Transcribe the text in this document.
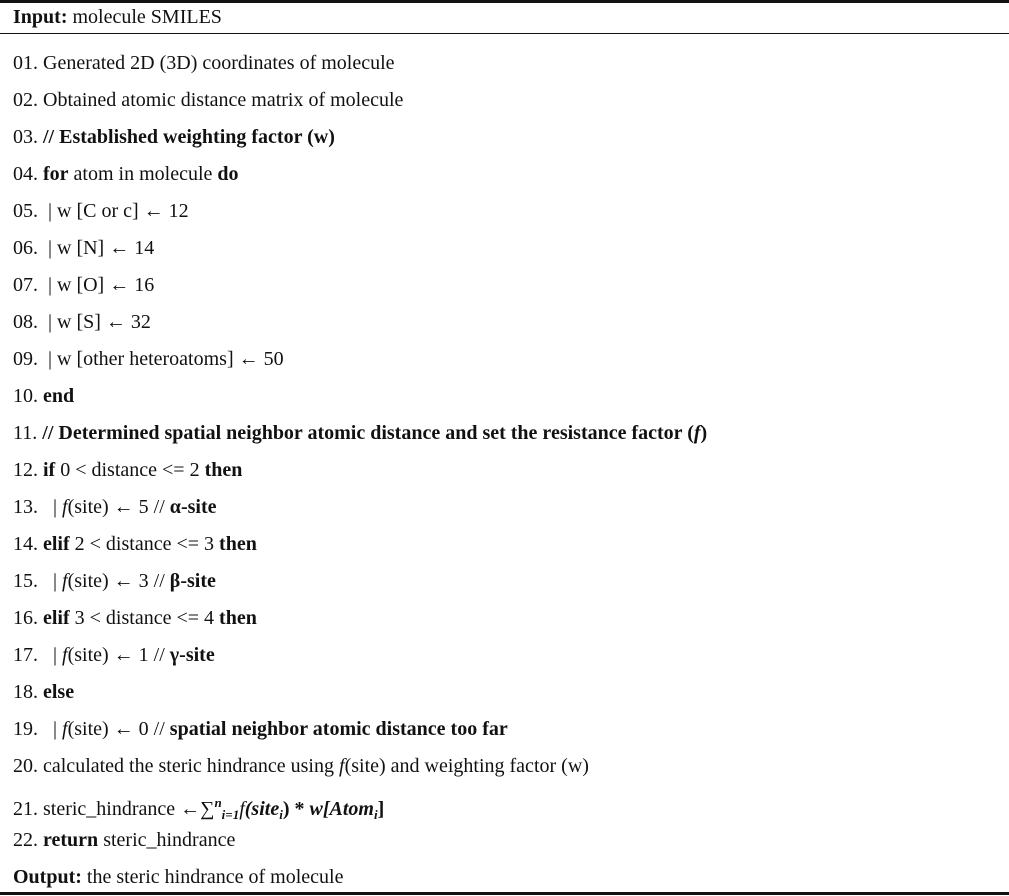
Input: molecule SMILES
01. Generated 2D (3D) coordinates of molecule
02. Obtained atomic distance matrix of molecule
03. // Established weighting factor (w)
04. for atom in molecule do
05.  | w [C or c] ← 12
06.  | w [N] ← 14
07.  | w [O] ← 16
08.  | w [S] ← 32
09.  | w [other heteroatoms] ← 50
10. end
11. // Determined spatial neighbor atomic distance and set the resistance factor (f)
12. if 0 < distance <= 2 then
13.   | f(site) ← 5 // α-site
14. elif 2 < distance <= 3 then
15.   | f(site) ← 3 // β-site
16. elif 3 < distance <= 4 then
17.   | f(site) ← 1 // γ-site
18. else
19.   | f(site) ← 0 // spatial neighbor atomic distance too far
20. calculated the steric hindrance using f(site) and weighting factor (w)
21. steric_hindrance ←∑$^n_{i=1}$f(site$_i$) * w[Atom$_i$]
22. return steric_hindrance
Output: the steric hindrance of molecule
